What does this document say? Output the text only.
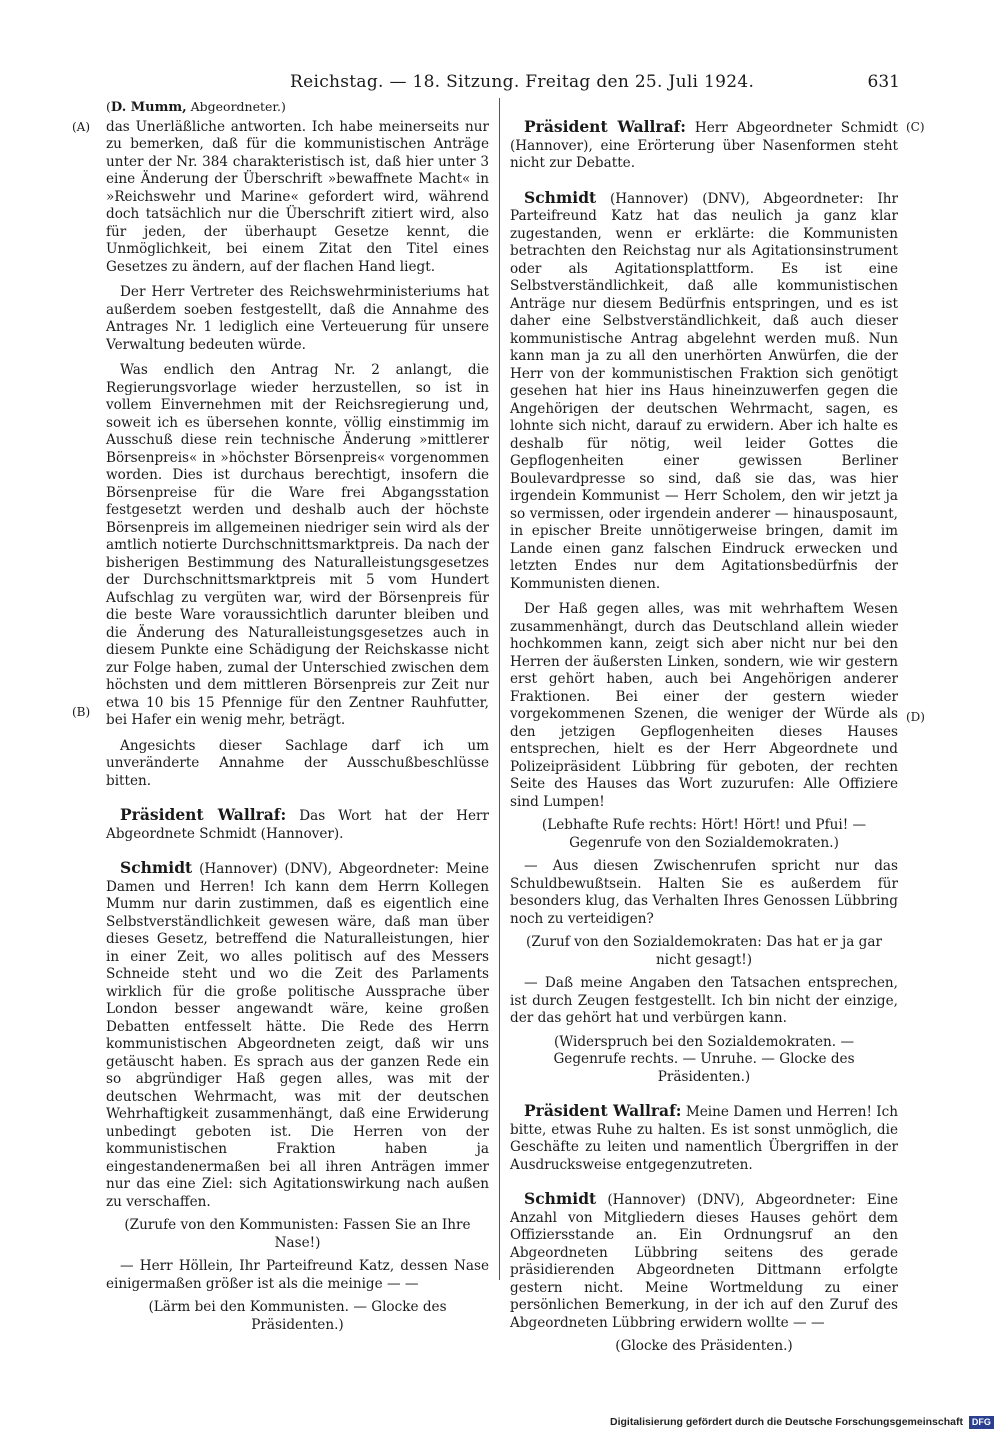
Reichstag. — 18. Sitzung. Freitag den 25. Juli 1924.	631
(A)
(B)
(C)
(D)

(D. Mumm, Abgeordneter.)

das Unerläßliche antworten. Ich habe meinerseits nur zu bemerken, daß für die kommunistischen Anträge unter der Nr. 384 charakteristisch ist, daß hier unter 3 eine Änderung der Überschrift »bewaffnete Macht« in »Reichswehr und Marine« gefordert wird, während doch tatsächlich nur die Überschrift zitiert wird, also für jeden, der überhaupt Gesetze kennt, die Unmöglichkeit, bei einem Zitat den Titel eines Gesetzes zu ändern, auf der flachen Hand liegt.

Der Herr Vertreter des Reichswehrministeriums hat außerdem soeben festgestellt, daß die Annahme des Antrages Nr. 1 lediglich eine Verteuerung für unsere Verwaltung bedeuten würde.

Was endlich den Antrag Nr. 2 anlangt, die Regierungsvorlage wieder herzustellen, so ist in vollem Einvernehmen mit der Reichsregierung und, soweit ich es übersehen konnte, völlig einstimmig im Ausschuß diese rein technische Änderung »mittlerer Börsenpreis« in »höchster Börsenpreis« vorgenommen worden. Dies ist durchaus berechtigt, insofern die Börsenpreise für die Ware frei Abgangsstation festgesetzt werden und deshalb auch der höchste Börsenpreis im allgemeinen niedriger sein wird als der amtlich notierte Durchschnittsmarktpreis. Da nach der bisherigen Bestimmung des Naturalleistungsgesetzes der Durchschnittsmarktpreis mit 5 vom Hundert Aufschlag zu vergüten war, wird der Börsenpreis für die beste Ware voraussichtlich darunter bleiben und die Änderung des Naturalleistungsgesetzes auch in diesem Punkte eine Schädigung der Reichskasse nicht zur Folge haben, zumal der Unterschied zwischen dem höchsten und dem mittleren Börsenpreis zur Zeit nur etwa 10 bis 15 Pfennige für den Zentner Rauhfutter, bei Hafer ein wenig mehr, beträgt.

Angesichts dieser Sachlage darf ich um unveränderte Annahme der Ausschußbeschlüsse bitten.

Präsident Wallraf: Das Wort hat der Herr Abgeordnete Schmidt (Hannover).

Schmidt (Hannover) (DNV), Abgeordneter: Meine Damen und Herren! Ich kann dem Herrn Kollegen Mumm nur darin zustimmen, daß es eigentlich eine Selbstverständlichkeit gewesen wäre, daß man über dieses Gesetz, betreffend die Naturalleistungen, hier in einer Zeit, wo alles politisch auf des Messers Schneide steht und wo die Zeit des Parlaments wirklich für die große politische Aussprache über London besser angewandt wäre, keine großen Debatten entfesselt hätte. Die Rede des Herrn kommunistischen Abgeordneten zeigt, daß wir uns getäuscht haben. Es sprach aus der ganzen Rede ein so abgründiger Haß gegen alles, was mit der deutschen Wehrmacht, was mit der deutschen Wehrhaftigkeit zusammenhängt, daß eine Erwiderung unbedingt geboten ist. Die Herren von der kommunistischen Fraktion haben ja eingestandenermaßen bei all ihren Anträgen immer nur das eine Ziel: sich Agitationswirkung nach außen zu verschaffen.

(Zurufe von den Kommunisten: Fassen Sie an Ihre Nase!)

— Herr Höllein, Ihr Parteifreund Katz, dessen Nase einigermaßen größer ist als die meinige — —

(Lärm bei den Kommunisten. — Glocke des Präsidenten.)

Präsident Wallraf: Herr Abgeordneter Schmidt (Hannover), eine Erörterung über Nasenformen steht nicht zur Debatte.

Schmidt (Hannover) (DNV), Abgeordneter: Ihr Parteifreund Katz hat das neulich ja ganz klar zugestanden, wenn er erklärte: die Kommunisten betrachten den Reichstag nur als Agitationsinstrument oder als Agitationsplattform. Es ist eine Selbstverständlichkeit, daß alle kommunistischen Anträge nur diesem Bedürfnis entspringen, und es ist daher eine Selbstverständlichkeit, daß auch dieser kommunistische Antrag abgelehnt werden muß. Nun kann man ja zu all den unerhörten Anwürfen, die der Herr von der kommunistischen Fraktion sich genötigt gesehen hat hier ins Haus hineinzuwerfen gegen die Angehörigen der deutschen Wehrmacht, sagen, es lohnte sich nicht, darauf zu erwidern. Aber ich halte es deshalb für nötig, weil leider Gottes die Gepflogenheiten einer gewissen Berliner Boulevardpresse so sind, daß sie das, was hier irgendein Kommunist — Herr Scholem, den wir jetzt ja so vermissen, oder irgendein anderer — hinausposaunt, in epischer Breite unnötigerweise bringen, damit im Lande einen ganz falschen Eindruck erwecken und letzten Endes nur dem Agitationsbedürfnis der Kommunisten dienen.

Der Haß gegen alles, was mit wehrhaftem Wesen zusammenhängt, durch das Deutschland allein wieder hochkommen kann, zeigt sich aber nicht nur bei den Herren der äußersten Linken, sondern, wie wir gestern erst gehört haben, auch bei Angehörigen anderer Fraktionen. Bei einer der gestern wieder vorgekommenen Szenen, die weniger der Würde als den jetzigen Gepflogenheiten dieses Hauses entsprechen, hielt es der Herr Abgeordnete und Polizeipräsident Lübbring für geboten, der rechten Seite des Hauses das Wort zuzurufen: Alle Offiziere sind Lumpen!

(Lebhafte Rufe rechts: Hört! Hört! und Pfui! — Gegenrufe von den Sozialdemokraten.)

— Aus diesen Zwischenrufen spricht nur das Schuldbewußtsein. Halten Sie es außerdem für besonders klug, das Verhalten Ihres Genossen Lübbring noch zu verteidigen?

(Zuruf von den Sozialdemokraten: Das hat er ja gar nicht gesagt!)

— Daß meine Angaben den Tatsachen entsprechen, ist durch Zeugen festgestellt. Ich bin nicht der einzige, der das gehört hat und verbürgen kann.

(Widerspruch bei den Sozialdemokraten. — Gegenrufe rechts. — Unruhe. — Glocke des Präsidenten.)

Präsident Wallraf: Meine Damen und Herren! Ich bitte, etwas Ruhe zu halten. Es ist sonst unmöglich, die Geschäfte zu leiten und namentlich Übergriffen in der Ausdrucksweise entgegenzutreten.

Schmidt (Hannover) (DNV), Abgeordneter: Eine Anzahl von Mitgliedern dieses Hauses gehört dem Offiziersstande an. Ein Ordnungsruf an den Abgeordneten Lübbring seitens des gerade präsidierenden Abgeordneten Dittmann erfolgte gestern nicht. Meine Wortmeldung zu einer persönlichen Bemerkung, in der ich auf den Zuruf des Abgeordneten Lübbring erwidern wollte — —

(Glocke des Präsidenten.)

Digitalisierung gefördert durch die Deutsche Forschungsgemeinschaft DFG
